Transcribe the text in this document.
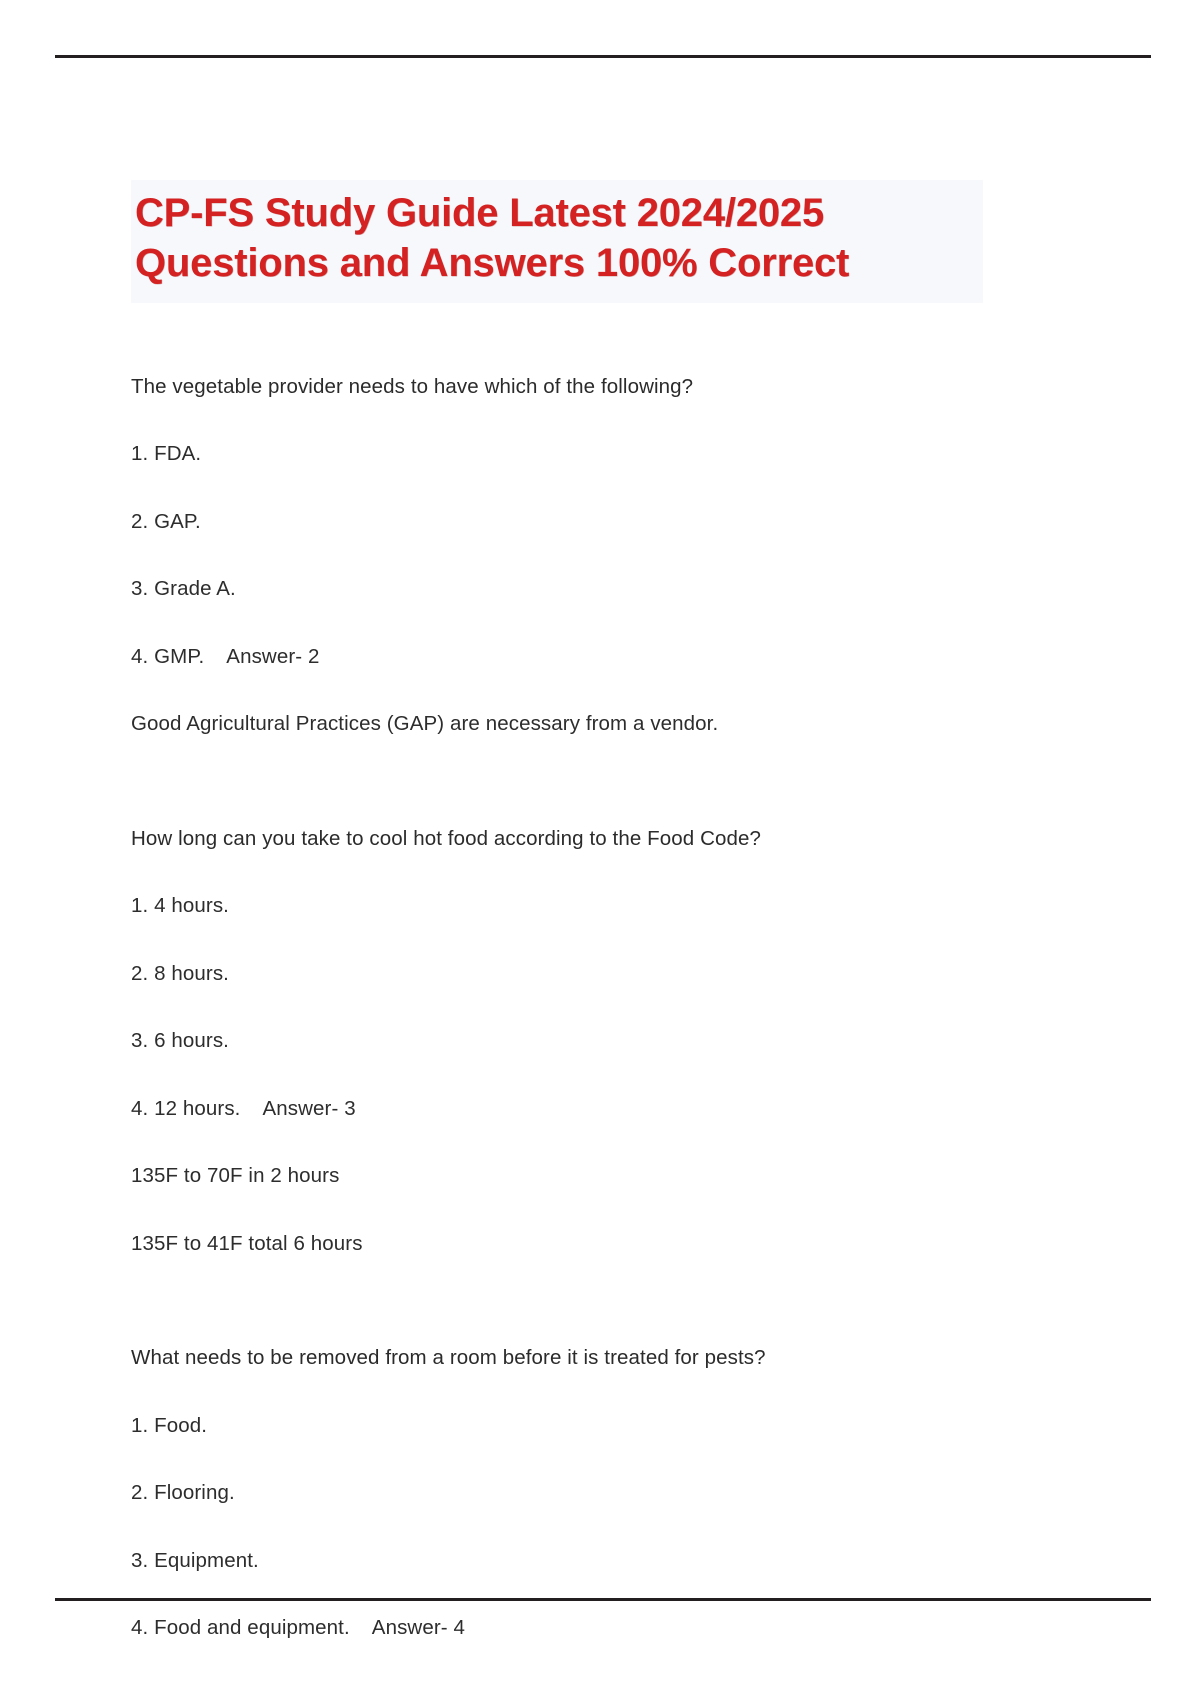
CP-FS Study Guide Latest 2024/2025
Questions and Answers 100% Correct

The vegetable provider needs to have which of the following?

1. FDA.

2. GAP.

3. Grade A.

4. GMP.    Answer- 2

Good Agricultural Practices (GAP) are necessary from a vendor.

How long can you take to cool hot food according to the Food Code?

1. 4 hours.

2. 8 hours.

3. 6 hours.

4. 12 hours.    Answer- 3

135F to 70F in 2 hours

135F to 41F total 6 hours

What needs to be removed from a room before it is treated for pests?

1. Food.

2. Flooring.

3. Equipment.

4. Food and equipment.    Answer- 4
